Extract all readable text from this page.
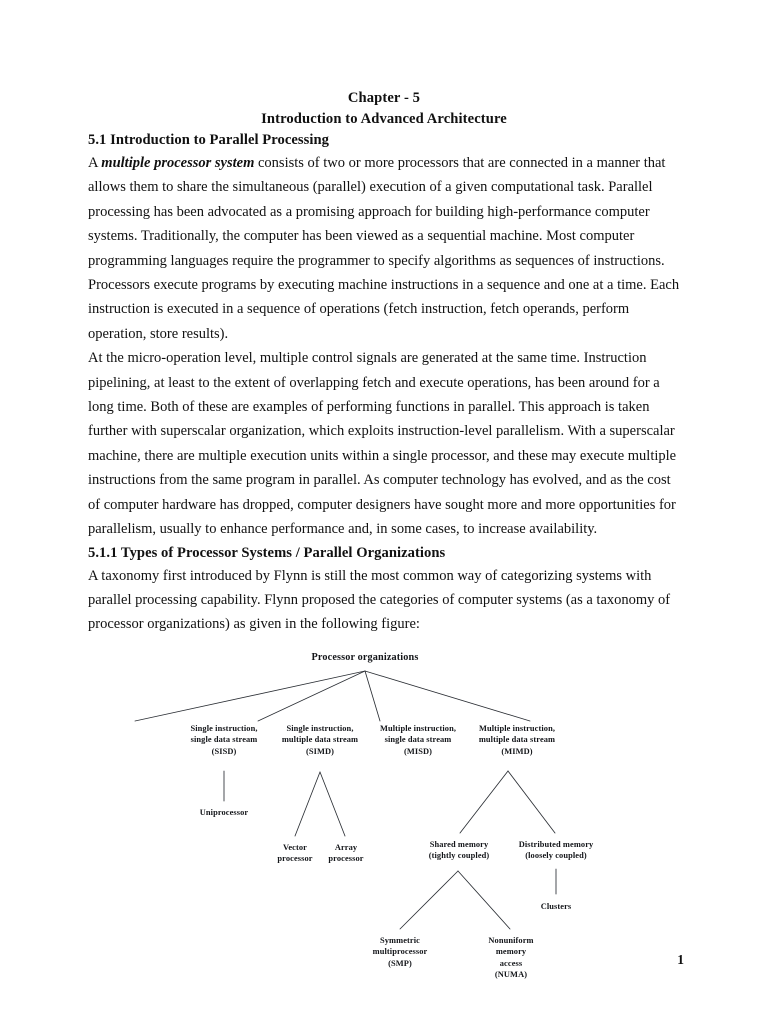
Chapter - 5
Introduction to Advanced Architecture
5.1 Introduction to Parallel Processing

A multiple processor system consists of two or more processors that are connected in a manner that allows them to share the simultaneous (parallel) execution of a given computational task. Parallel processing has been advocated as a promising approach for building high-performance computer systems. Traditionally, the computer has been viewed as a sequential machine. Most computer programming languages require the programmer to specify algorithms as sequences of instructions. Processors execute programs by executing machine instructions in a sequence and one at a time. Each instruction is executed in a sequence of operations (fetch instruction, fetch operands, perform operation, store results).

At the micro-operation level, multiple control signals are generated at the same time. Instruction pipelining, at least to the extent of overlapping fetch and execute operations, has been around for a long time. Both of these are examples of performing functions in parallel. This approach is taken further with superscalar organization, which exploits instruction-level parallelism. With a superscalar machine, there are multiple execution units within a single processor, and these may execute multiple instructions from the same program in parallel. As computer technology has evolved, and as the cost of computer hardware has dropped, computer designers have sought more and more opportunities for parallelism, usually to enhance performance and, in some cases, to increase availability.

5.1.1 Types of Processor Systems / Parallel Organizations

A taxonomy first introduced by Flynn is still the most common way of categorizing systems with parallel processing capability. Flynn proposed the categories of computer systems (as a taxonomy of processor organizations) as given in the following figure:

Processor organizations
Single instruction,
single data stream
(SISD)
Single instruction,
multiple data stream
(SIMD)
Multiple instruction,
single data stream
(MISD)
Multiple instruction,
multiple data stream
(MIMD)
Uniprocessor
Vector
processor
Array
processor
Shared memory
(tightly coupled)
Distributed memory
(loosely coupled)
Clusters
Symmetric
multiprocessor
(SMP)
Nonuniform
memory
access
(NUMA)
1
